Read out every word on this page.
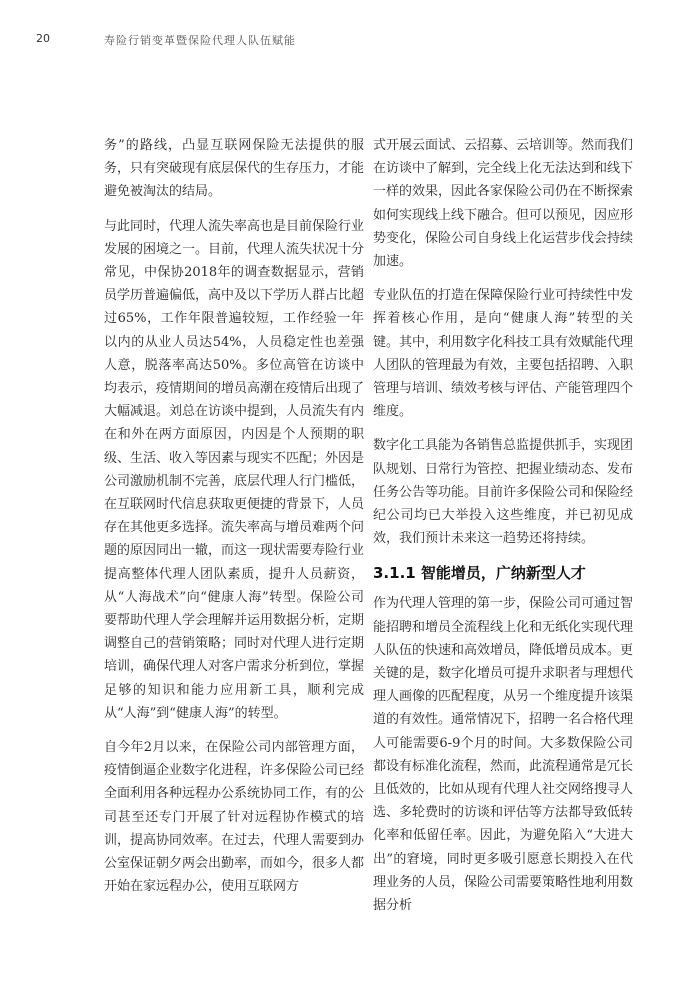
20	寿险行销变革暨保险代理人队伍赋能

务”的路线，凸显互联网保险无法提供的服务，只有突破现有底层保代的生存压力，才能避免被淘汰的结局。

与此同时，代理人流失率高也是目前保险行业发展的困境之一。目前，代理人流失状况十分常见，中保协2018年的调查数据显示，营销员学历普遍偏低，高中及以下学历人群占比超过65%，工作年限普遍较短，工作经验一年以内的从业人员达54%，人员稳定性也差强人意，脱落率高达50%。多位高管在访谈中均表示，疫情期间的增员高潮在疫情后出现了大幅减退。刘总在访谈中提到，人员流失有内在和外在两方面原因，内因是个人预期的职级、生活、收入等因素与现实不匹配；外因是公司激励机制不完善，底层代理人行门槛低，在互联网时代信息获取更便捷的背景下，人员存在其他更多选择。流失率高与增员难两个问题的原因同出一辙，而这一现状需要寿险行业提高整体代理人团队素质，提升人员薪资，从“人海战术”向“健康人海”转型。保险公司要帮助代理人学会理解并运用数据分析，定期调整自己的营销策略；同时对代理人进行定期培训，确保代理人对客户需求分析到位，掌握足够的知识和能力应用新工具，顺利完成从“人海”到“健康人海”的转型。

自今年2月以来，在保险公司内部管理方面，疫情倒逼企业数字化进程，许多保险公司已经全面利用各种远程办公系统协同工作，有的公司甚至还专门开展了针对远程协作模式的培训，提高协同效率。在过去，代理人需要到办公室保证朝夕两会出勤率，而如今，很多人都开始在家远程办公，使用互联网方

式开展云面试、云招募、云培训等。然而我们在访谈中了解到，完全线上化无法达到和线下一样的效果，因此各家保险公司仍在不断探索如何实现线上线下融合。但可以预见，因应形势变化，保险公司自身线上化运营步伐会持续加速。

专业队伍的打造在保障保险行业可持续性中发挥着核心作用，是向“健康人海”转型的关键。其中，利用数字化科技工具有效赋能代理人团队的管理最为有效，主要包括招聘、入职管理与培训、绩效考核与评估、产能管理四个维度。

数字化工具能为各销售总监提供抓手，实现团队规划、日常行为管控、把握业绩动态、发布任务公告等功能。目前许多保险公司和保险经纪公司均已大举投入这些维度，并已初见成效，我们预计未来这一趋势还将持续。

3.1.1 智能增员，广纳新型人才

作为代理人管理的第一步，保险公司可通过智能招聘和增员全流程线上化和无纸化实现代理人队伍的快速和高效增员，降低增员成本。更关键的是，数字化增员可提升求职者与理想代理人画像的匹配程度，从另一个维度提升该渠道的有效性。通常情况下，招聘一名合格代理人可能需要6-9个月的时间。大多数保险公司都设有标准化流程，然而，此流程通常是冗长且低效的，比如从现有代理人社交网络搜寻人选、多轮费时的访谈和评估等方法都导致低转化率和低留任率。因此，为避免陷入“大进大出”的窘境，同时更多吸引愿意长期投入在代理业务的人员，保险公司需要策略性地利用数据分析
